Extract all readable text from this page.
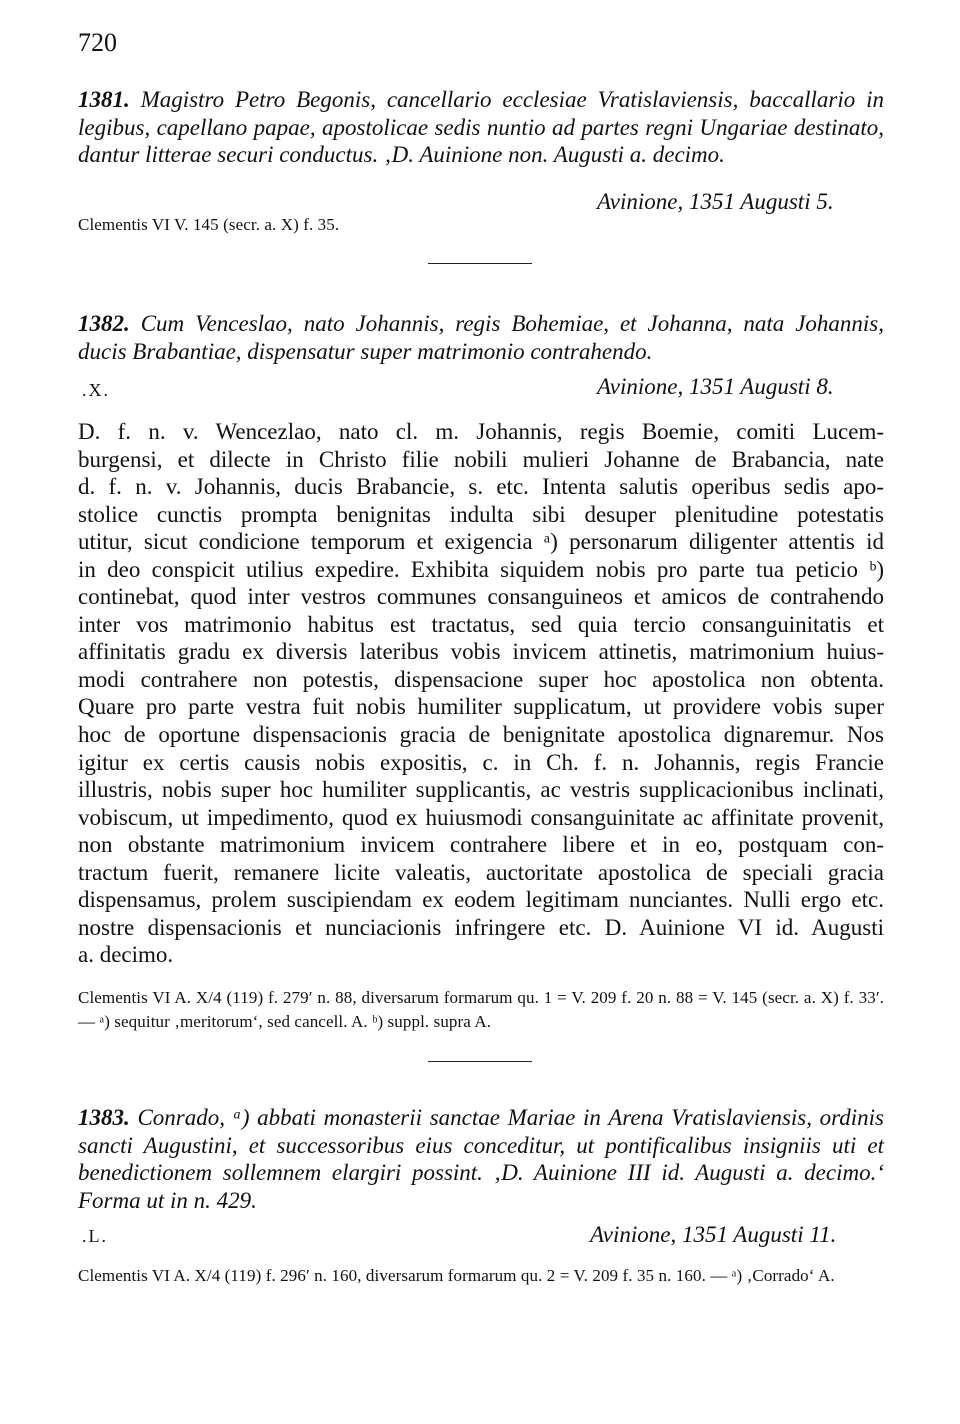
720

1381. Magistro Petro Begonis, cancellario ecclesiae Vratislaviensis, baccallario in legibus, capellano papae, apostolicae sedis nuntio ad partes regni Ungariae destinato, dantur litterae securi conductus. ‚D. Auinione non. Augusti a. decimo.

Avinione, 1351 Augusti 5.
Clementis VI V. 145 (secr. a. X) f. 35.

1382. Cum Venceslao, nato Johannis, regis Bohemiae, et Johanna, nata Johannis, ducis Brabantiae, dispensatur super matrimonio contrahendo.

.X.	Avinione, 1351 Augusti 8.
D. f. n. v. Wencezlao, nato cl. m. Johannis, regis Boemie, comiti Lucem-
burgensi, et dilecte in Christo filie nobili mulieri Johanne de Brabancia, nate
d. f. n. v. Johannis, ducis Brabancie, s. etc. Intenta salutis operibus sedis apo-
stolice cunctis prompta benignitas indulta sibi desuper plenitudine potestatis
utitur, sicut condicione temporum et exigencia ᵃ) personarum diligenter attentis id
in deo conspicit utilius expedire. Exhibita siquidem nobis pro parte tua peticio ᵇ)
continebat, quod inter vestros communes consanguineos et amicos de contrahendo
inter vos matrimonio habitus est tractatus, sed quia tercio consanguinitatis et
affinitatis gradu ex diversis lateribus vobis invicem attinetis, matrimonium huius-
modi contrahere non potestis, dispensacione super hoc apostolica non obtenta.
Quare pro parte vestra fuit nobis humiliter supplicatum, ut providere vobis super
hoc de oportune dispensacionis gracia de benignitate apostolica dignaremur. Nos
igitur ex certis causis nobis expositis, c. in Ch. f. n. Johannis, regis Francie
illustris, nobis super hoc humiliter supplicantis, ac vestris supplicacionibus inclinati,
vobiscum, ut impedimento, quod ex huiusmodi consanguinitate ac affinitate provenit,
non obstante matrimonium invicem contrahere libere et in eo, postquam con-
tractum fuerit, remanere licite valeatis, auctoritate apostolica de speciali gracia
dispensamus, prolem suscipiendam ex eodem legitimam nunciantes. Nulli ergo etc.
nostre dispensacionis et nunciacionis infringere etc. D. Auinione VI id. Augusti
a. decimo.
Clementis VI A. X/4 (119) f. 279′ n. 88, diversarum formarum qu. 1 = V. 209 f. 20 n. 88 = V. 145 (secr. a. X) f. 33′. — ᵃ) sequitur ‚meritorum‘, sed cancell. A. ᵇ) suppl. supra A.

1383. Conrado, ᵃ) abbati monasterii sanctae Mariae in Arena Vratislaviensis, ordinis sancti Augustini, et successoribus eius conceditur, ut pontificalibus insigniis uti et benedictionem sollemnem elargiri possint. ‚D. Auinione III id. Augusti a. decimo.‘ Forma ut in n. 429.

.L.	Avinione, 1351 Augusti 11.
Clementis VI A. X/4 (119) f. 296′ n. 160, diversarum formarum qu. 2 = V. 209 f. 35 n. 160. — ᵃ) ‚Corrado‘ A.
